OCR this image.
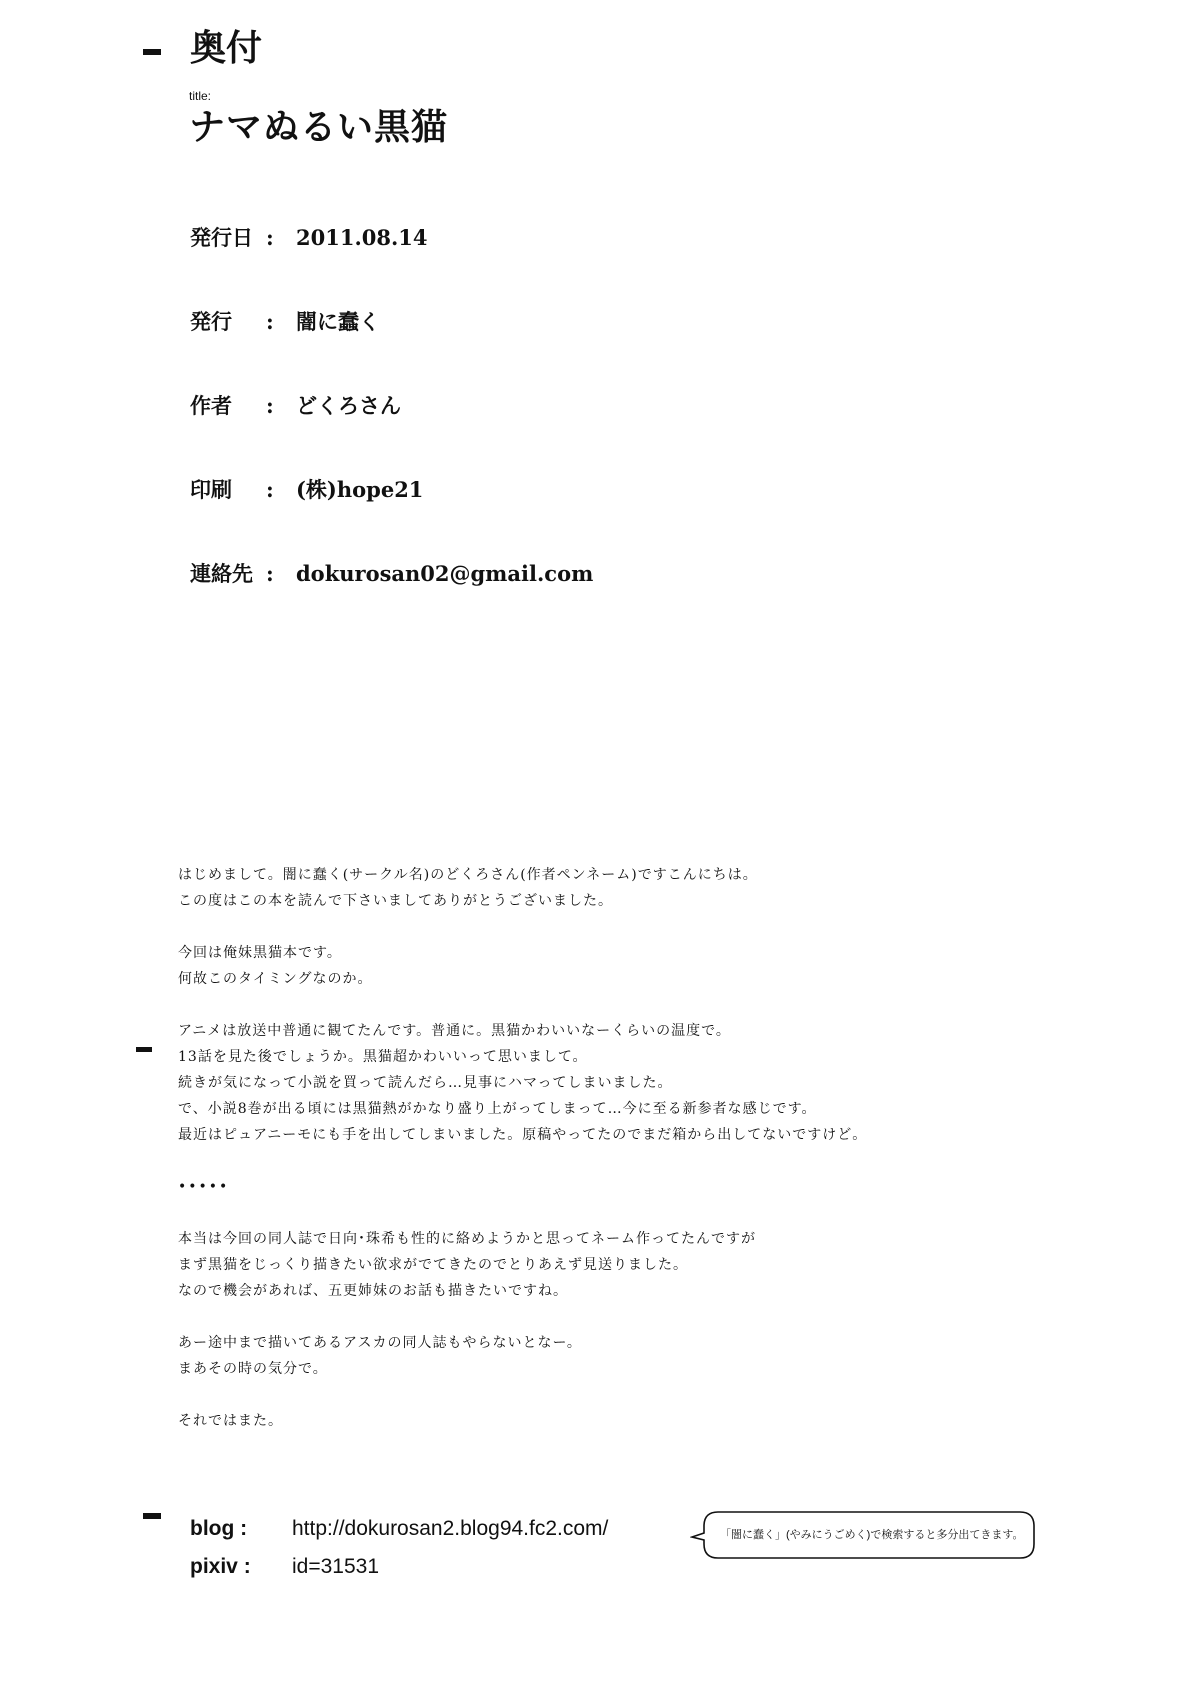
奥付
title:
ナマぬるい黒猫
発行日 : 2011.08.14
発行 : 闇に蠢く
作者 : どくろさん
印刷 : (株)hope21
連絡先 : dokurosan02@gmail.com

はじめまして。闇に蠢く(サークル名)のどくろさん(作者ペンネーム)ですこんにちは。

この度はこの本を読んで下さいましてありがとうございました。

今回は俺妹黒猫本です。

何故このタイミングなのか。

アニメは放送中普通に観てたんです。普通に。黒猫かわいいなーくらいの温度で。

13話を見た後でしょうか。黒猫超かわいいって思いまして。

続きが気になって小説を買って読んだら…見事にハマってしまいました。

で、小説8巻が出る頃には黒猫熱がかなり盛り上がってしまって…今に至る新参者な感じです。

最近はピュアニーモにも手を出してしまいました。原稿やってたのでまだ箱から出してないですけど。

•••••

本当は今回の同人誌で日向･珠希も性的に絡めようかと思ってネーム作ってたんですが

まず黒猫をじっくり描きたい欲求がでてきたのでとりあえず見送りました。

なので機会があれば、五更姉妹のお話も描きたいですね。

あー途中まで描いてあるアスカの同人誌もやらないとなー。

まあその時の気分で。

それではまた。

blog : http://dokurosan2.blog94.fc2.com/
pixiv : id=31531
「闇に蠢く」(やみにうごめく)で検索すると多分出てきます。
